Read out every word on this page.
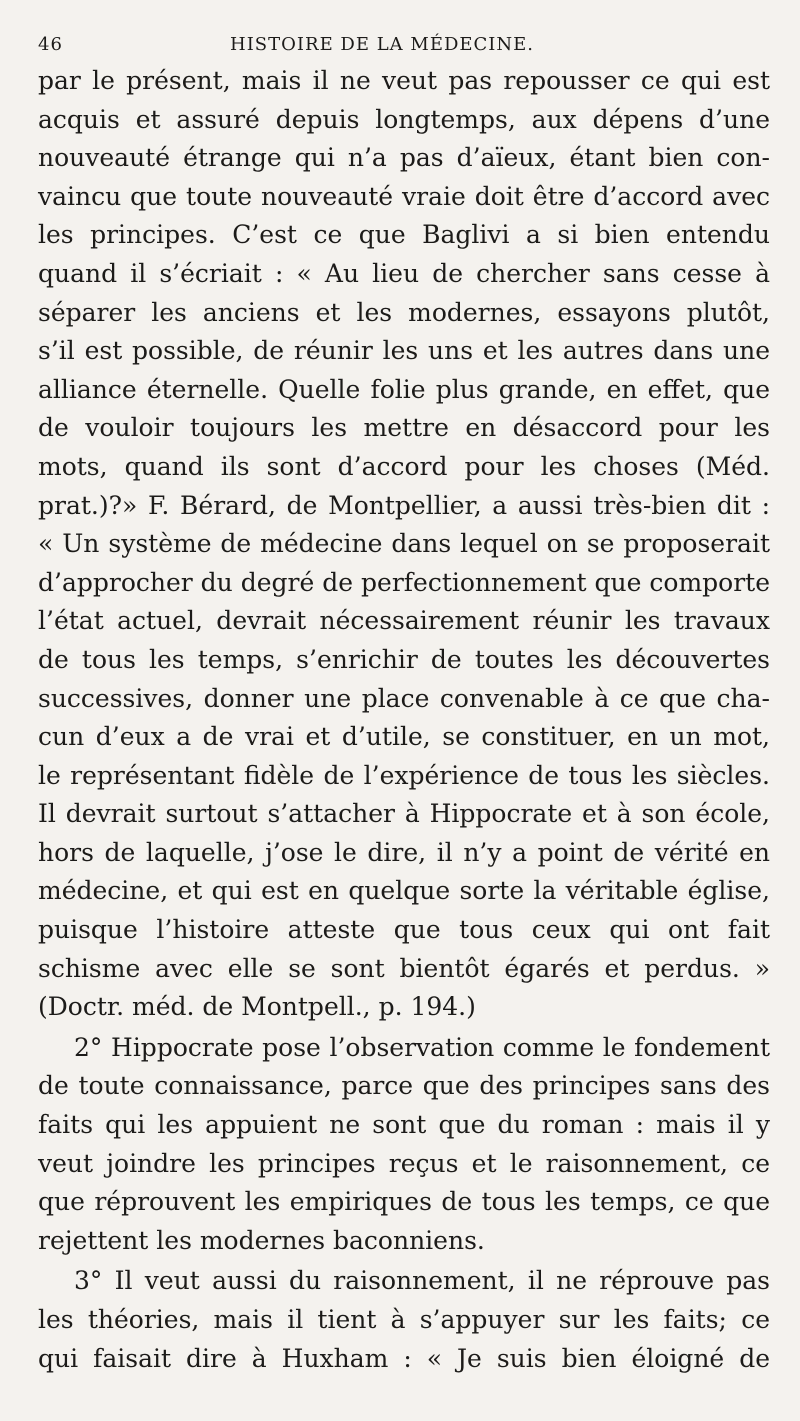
46	HISTOIRE DE LA MÉDECINE.
par le présent, mais il ne veut pas repousser ce qui est
acquis et assuré depuis longtemps, aux dépens d’une
nouveauté étrange qui n’a pas d’aïeux, étant bien con-
vaincu que toute nouveauté vraie doit être d’accord avec
les principes. C’est ce que Baglivi a si bien entendu
quand il s’écriait : « Au lieu de chercher sans cesse à
séparer les anciens et les modernes, essayons plutôt,
s’il est possible, de réunir les uns et les autres dans une
alliance éternelle. Quelle folie plus grande, en effet, que
de vouloir toujours les mettre en désaccord pour les
mots, quand ils sont d’accord pour les choses (Méd.
prat.)?» F. Bérard, de Montpellier, a aussi très-bien dit :
« Un système de médecine dans lequel on se proposerait
d’approcher du degré de perfectionnement que comporte
l’état actuel, devrait nécessairement réunir les travaux
de tous les temps, s’enrichir de toutes les découvertes
successives, donner une place convenable à ce que cha-
cun d’eux a de vrai et d’utile, se constituer, en un mot,
le représentant fidèle de l’expérience de tous les siècles.
Il devrait surtout s’attacher à Hippocrate et à son école,
hors de laquelle, j’ose le dire, il n’y a point de vérité en
médecine, et qui est en quelque sorte la véritable église,
puisque l’histoire atteste que tous ceux qui ont fait
schisme avec elle se sont bientôt égarés et perdus. »
(Doctr. méd. de Montpell., p. 194.)
2° Hippocrate pose l’observation comme le fondement
de toute connaissance, parce que des principes sans des
faits qui les appuient ne sont que du roman : mais il y
veut joindre les principes reçus et le raisonnement, ce
que réprouvent les empiriques de tous les temps, ce que
rejettent les modernes baconniens.
3° Il veut aussi du raisonnement, il ne réprouve pas
les théories, mais il tient à s’appuyer sur les faits; ce
qui faisait dire à Huxham : « Je suis bien éloigné de
